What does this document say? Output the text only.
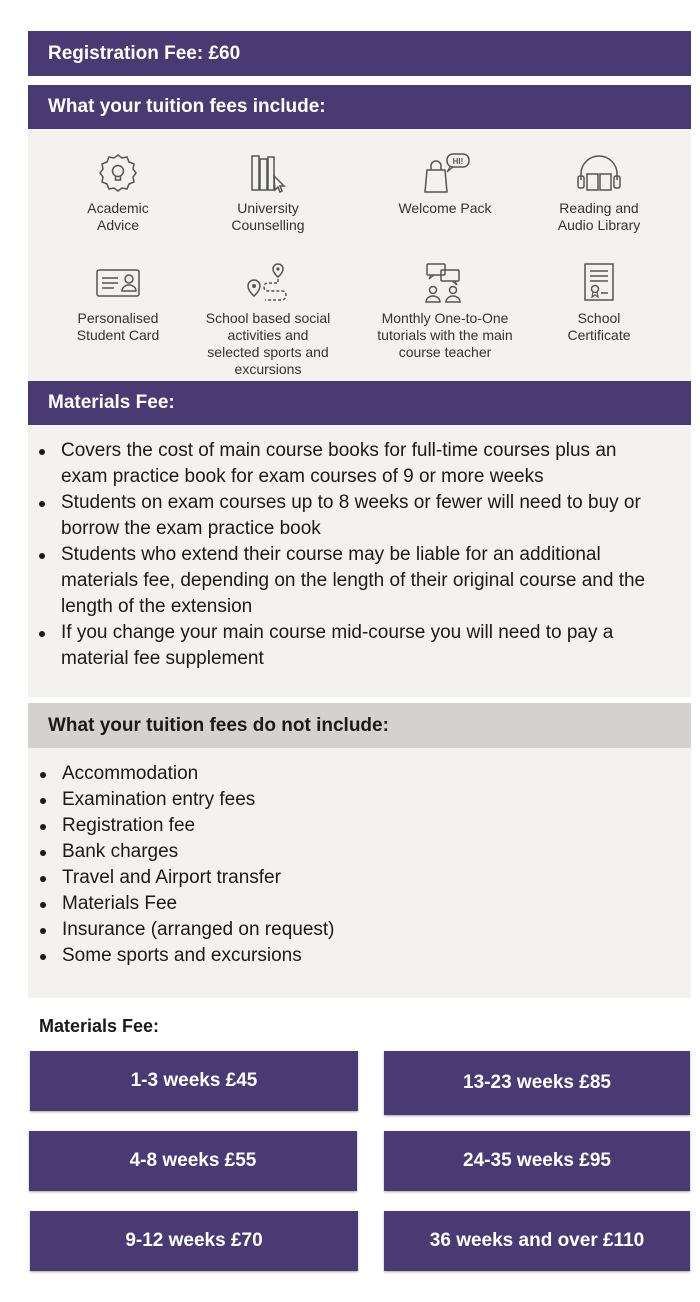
Registration Fee: £60
What your tuition fees include:
Academic Advice
University Counselling
HI!
Welcome Pack	Reading and Audio Library
Personalised Student Card
School based social activities and selected sports and excursions
Monthly One-to-One tutorials with the main course teacher
School Certificate
Materials Fee:
Covers the cost of main course books for full-time courses plus an exam practice book for exam courses of 9 or more weeks
Students on exam courses up to 8 weeks or fewer will need to buy or borrow the exam practice book
Students who extend their course may be liable for an additional materials fee, depending on the length of their original course and the length of the extension
If you change your main course mid-course you will need to pay a material fee supplement
What your tuition fees do not include:
Accommodation
Examination entry fees
Registration fee
Bank charges
Travel and Airport transfer
Materials Fee
Insurance (arranged on request)
Some sports and excursions
Materials Fee:
1-3 weeks £45
4-8 weeks £55
9-12 weeks £70
13-23 weeks £85
24-35 weeks £95
36 weeks and over £110
